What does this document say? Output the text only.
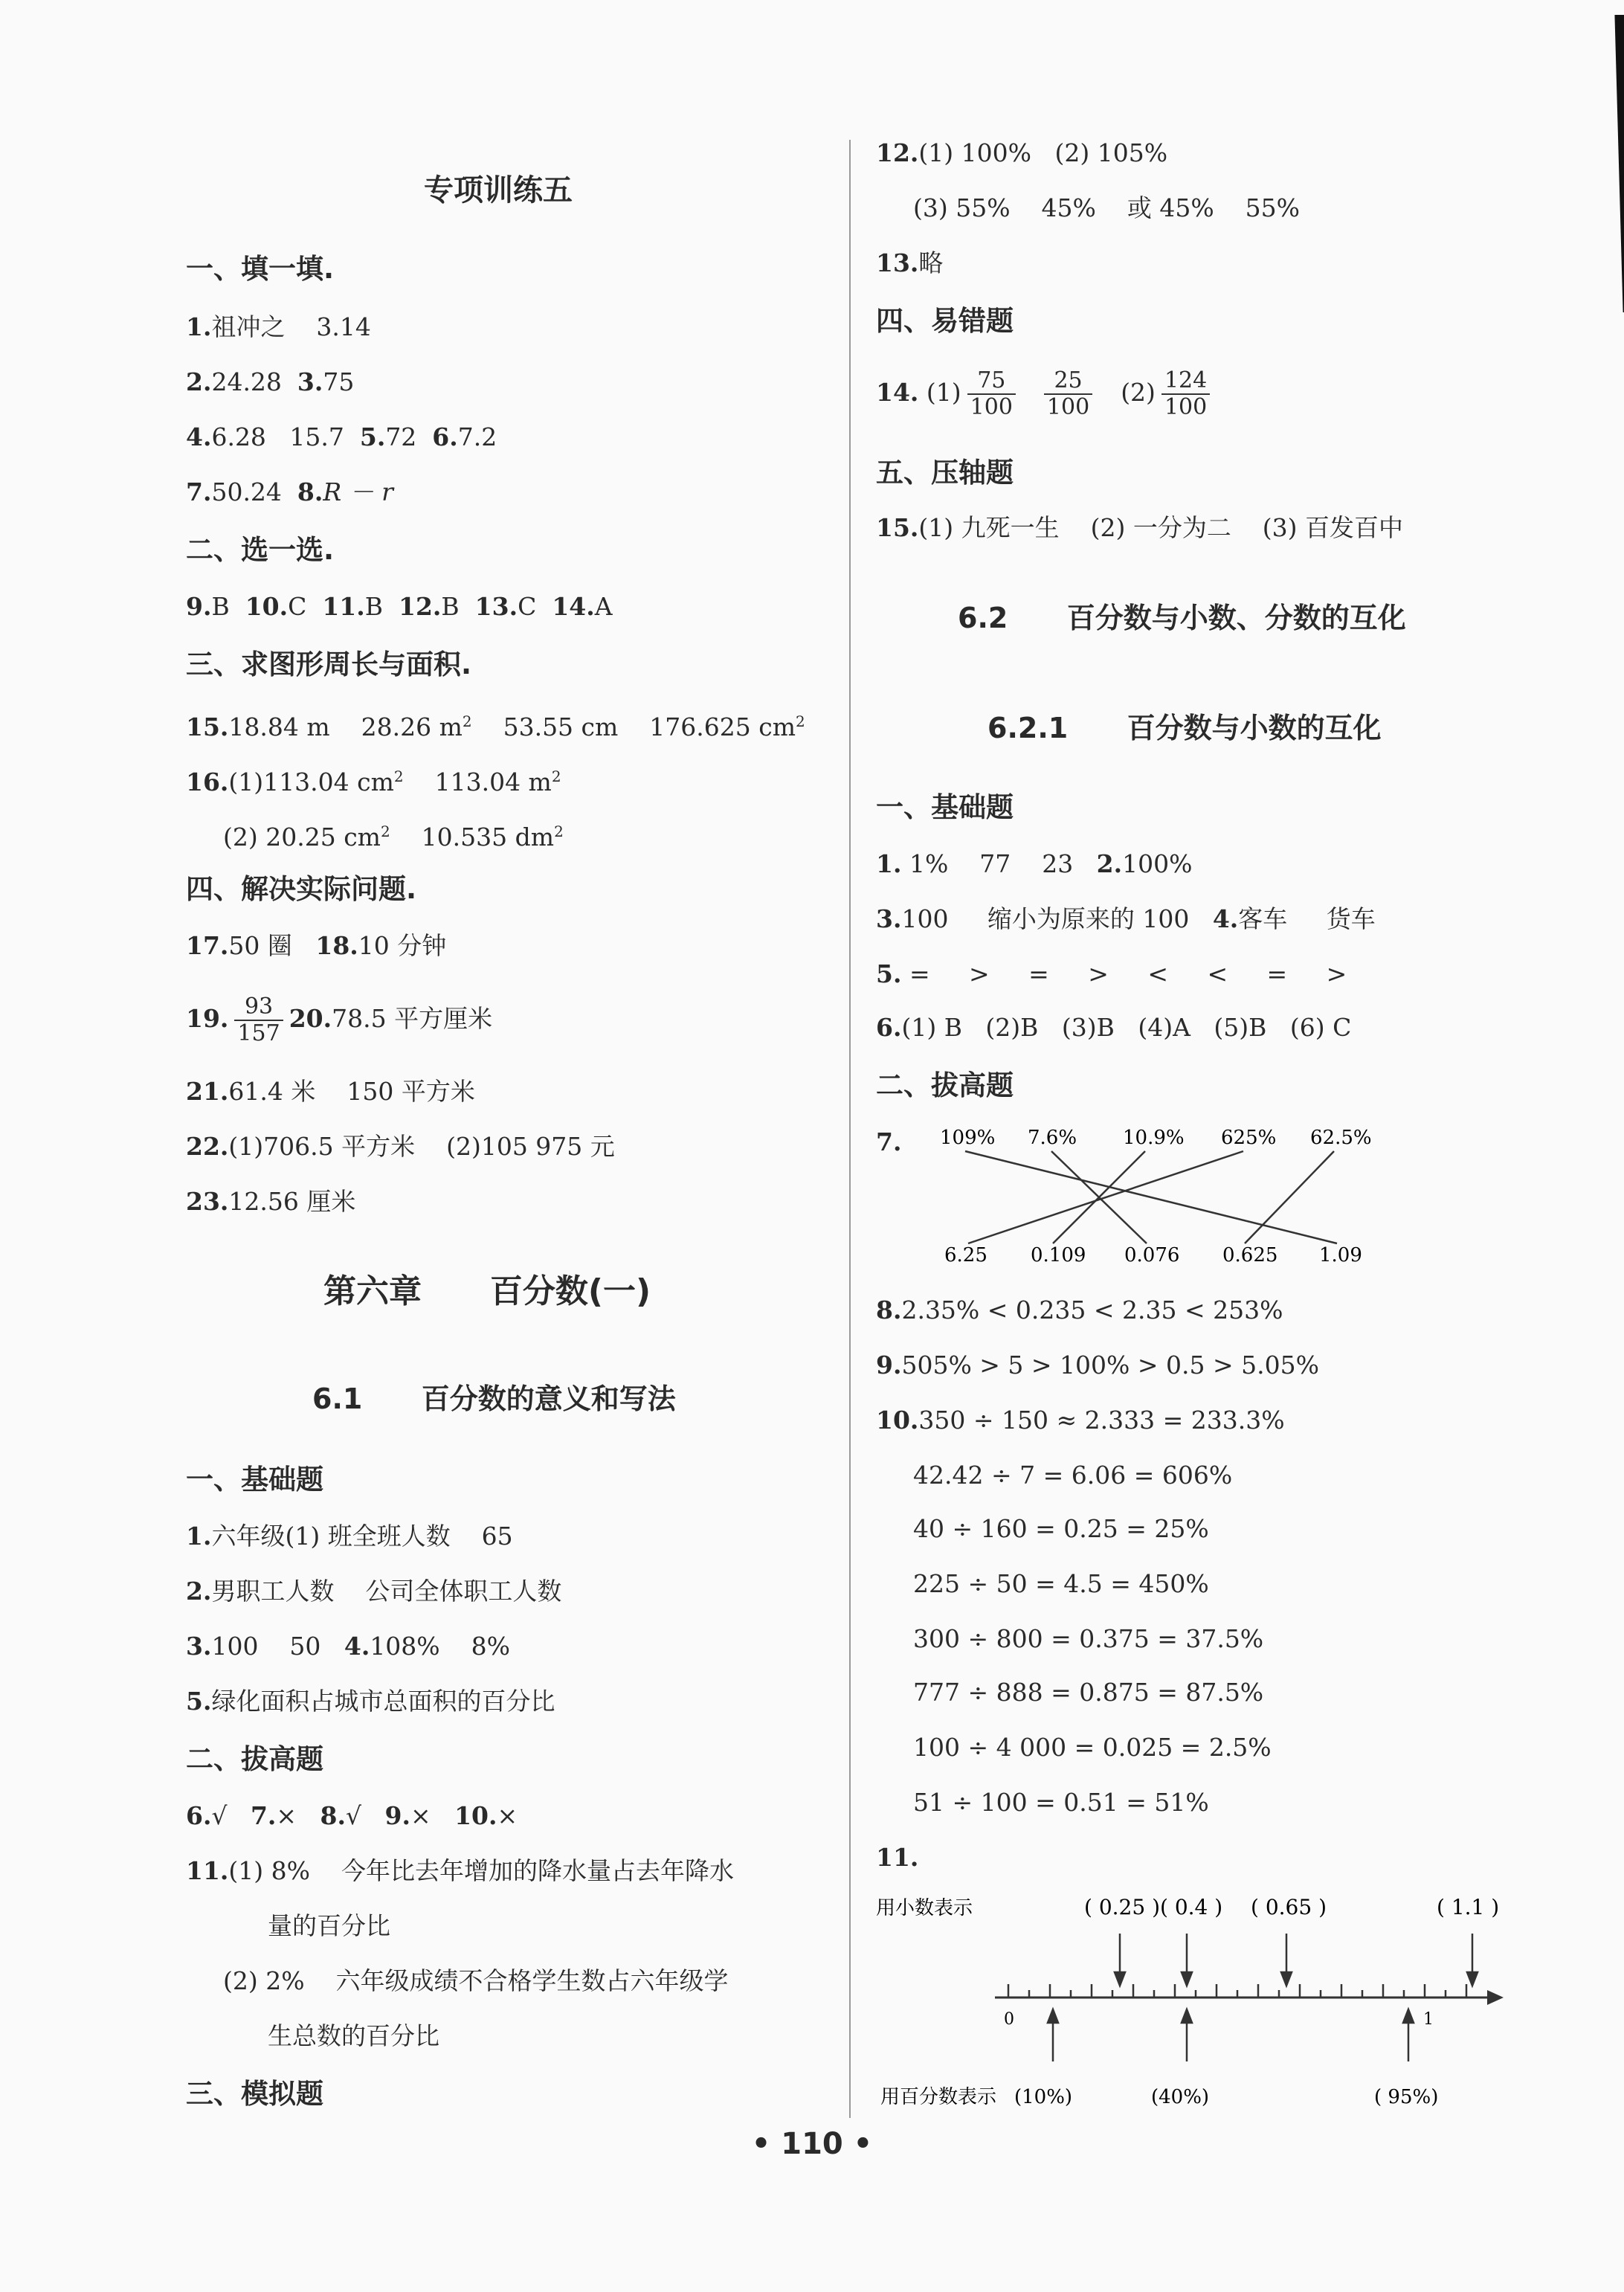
专项训练五
一、填一填.
1.祖冲之    3.14
2.24.28  3.75
4.6.28   15.7  5.72  6.7.2
7.50.24  8.R － r
二、选一选.
9.B  10.C  11.B  12.B  13.C  14.A
三、求图形周长与面积.
15.18.84 m    28.26 $m^2$    53.55 cm    176.625 $cm^2$
16.(1)113.04 $cm^2$    113.04 $m^2$
(2) 20.25 $cm^2$    10.535 $dm^2$
四、解决实际问题.
17.50 圈   18.10 分钟
19. $\frac{93}{157} 20.78.5$ 平方厘米
21.61.4 米    150 平方米
22.(1)706.5 平方米    (2)105 975 元
23.12.56 厘米
第六章      百分数(一)
6.1      百分数的意义和写法
一、基础题
1.六年级(1) 班全班人数    65
2.男职工人数    公司全体职工人数
3.100    50   4.108%    8%
5.绿化面积占城市总面积的百分比
二、拔高题
6.√   7.×   8.√   9.×   10.×
11.(1) 8%    今年比去年增加的降水量占去年降水
量的百分比
(2) 2%    六年级成绩不合格学生数占六年级学
生总数的百分比
三、模拟题
12.(1) 100%   (2) 105%
(3) 55%    45%    或 45%    55%
13.略
四、易错题
14. $(1) \frac{75}{100} \frac{25}{100} (2) \frac{124}{100}$
五、压轴题
15.(1) 九死一生    (2) 一分为二    (3) 百发百中
6.2      百分数与小数、分数的互化
6.2.1      百分数与小数的互化
一、基础题
1. 1%    77    23   2.100%
3.100     缩小为原来的 100   4.客车     货车
5. =     >     =     >     <     <     =     >
6.(1) B   (2)B   (3)B   (4)A   (5)B   (6) C
二、拔高题
7. 109% 7.6% 10.9% 625% 62.5%
6.25 0.109 0.076 0.625 1.09
8.2.35% < 0.235 < 2.35 < 253%
9.505% > 5 > 100% > 0.5 > 5.05%
10.350 ÷ 150 ≈ 2.333 = 233.3%
42.42 ÷ 7 = 6.06 = 606%
40 ÷ 160 = 0.25 = 25%
225 ÷ 50 = 4.5 = 450%
300 ÷ 800 = 0.375 = 37.5%
777 ÷ 888 = 0.875 = 87.5%
100 ÷ 4 000 = 0.025 = 2.5%
51 ÷ 100 = 0.51 = 51%
11.
用小数表示	( 0.25 ) ( 0.4 ) ( 0.65 )	( 1.1 )
0	1
用百分数表示 (10%)	(40%)	( 95%)
• 110 •
